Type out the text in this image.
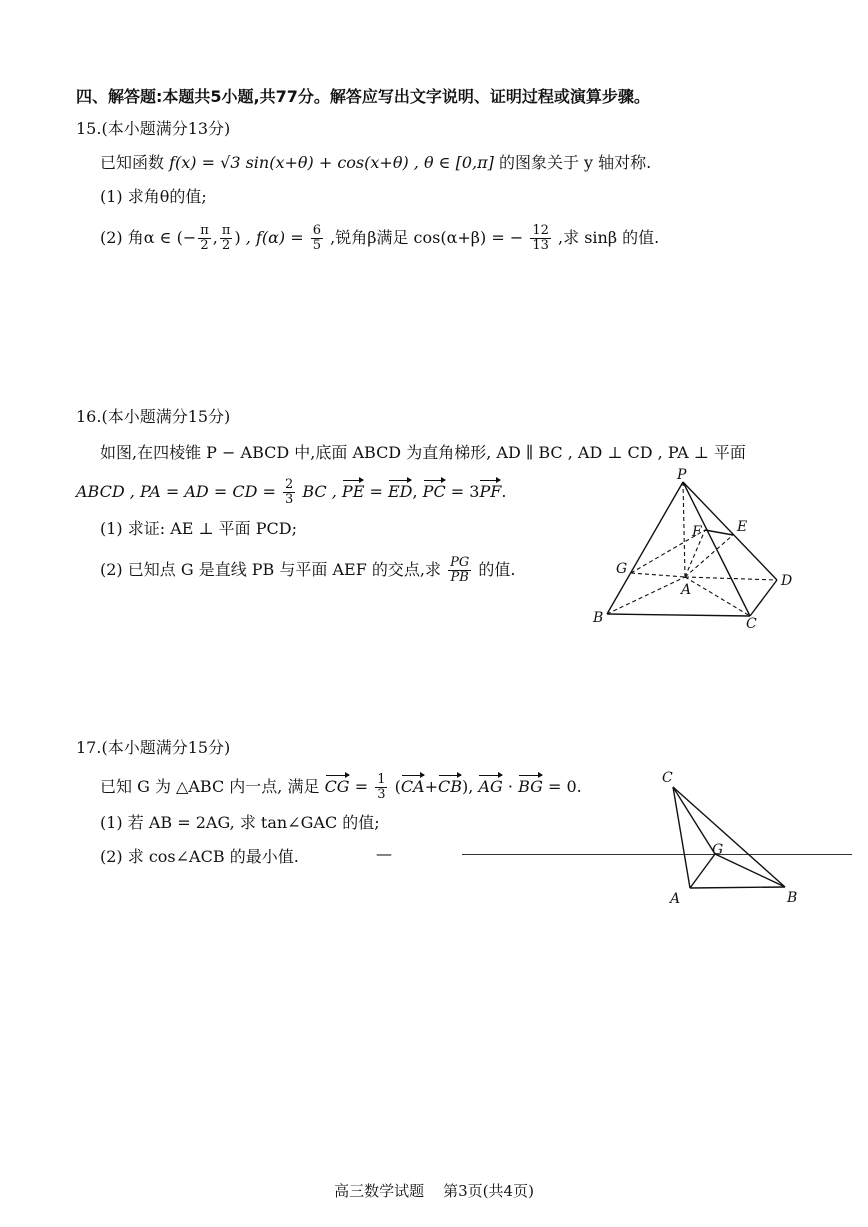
四、解答题:本题共5小题,共77分。解答应写出文字说明、证明过程或演算步骤。
15.(本小题满分13分)
已知函数 f(x) = √3 sin(x+θ) + cos(x+θ) , θ ∈ [0,π] 的图象关于 y 轴对称.
(1) 求角θ的值;
(2) 角α ∈ (− $\frac{\pi}{2}$ , $\frac{\pi}{2}$ ) , $f(\alpha) = \frac{6}{5}$ ,锐角β满足 cos(α+β) = − $\frac{12}{13}$ ,求 sinβ 的值.
16.(本小题满分15分)
如图,在四棱锥 P − ABCD 中,底面 ABCD 为直角梯形, AD ∥ BC , AD ⊥ CD , PA ⊥ 平面
ABCD , PA = AD = CD = $\frac{2}{3}$ BC , PE = ED, PC = 3PF.
(1) 求证: AE ⊥ 平面 PCD;
(2) 已知点 G 是直线 PB 与平面 AEF 的交点,求 $\frac{PG}{PB}$ 的值.
P
F	E
G
A
D
B	C
17.(本小题满分15分)
已知 G 为 △ABC 内一点, 满足 CG = $\frac{1}{3} (CA+CB)$, AG · BG = 0.
(1) 若 AB = 2AG, 求 tan∠GAC 的值;
(2) 求 cos∠ACB 的最小值.	—
C
G
A	B
高三数学试题    第3页(共4页)
